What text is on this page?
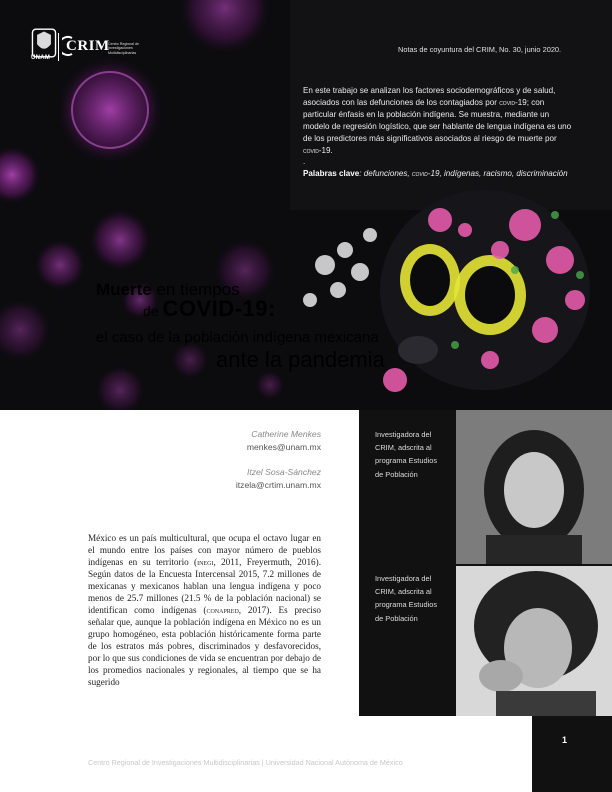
UNAM
CRIM
Centro Regional de Investigaciones Multidisciplinarias	Notas de coyuntura del CRIM, No. 30, junio 2020.
En este trabajo se analizan los factores sociodemográficos y de salud, asociados con las defunciones de los contagiados por covid-19; con particular énfasis en la población indígena. Se muestra, mediante un modelo de regresión logístico, que ser hablante de lengua indígena es uno de los predictores más significativos asociados al riesgo de muerte por covid-19.
.
Palabras clave: defunciones, covid-19, indígenas, racismo, discriminación
Muerte en tiempos
de COVID-19:
el caso de la población indígena mexicana
ante la pandemia
Catherine Menkes
menkes@unam.mx
Itzel Sosa-Sánchez
itzela@crtim.unam.mx
México es un país multicultural, que ocupa el octavo lugar en el mundo entre los países con mayor número de pueblos indígenas en su territorio (inegi, 2011, Freyermuth, 2016). Según datos de la Encuesta Intercensal 2015, 7.2 millones de mexicanas y mexicanos hablan una lengua indígena y poco menos de 25.7 millones (21.5 % de la población nacional) se identifican como indígenas (conapred, 2017). Es preciso señalar que, aunque la población indígena en México no es un grupo homogéneo, esta población históricamente forma parte de los estratos más pobres, discriminados y desfavorecidos, por lo que sus condiciones de vida se encuentran por debajo de los promedios nacionales y regionales, al tiempo que se ha sugerido
Investigadora del CRIM, adscrita al programa Estudios de Población
Investigadora del CRIM, adscrita al programa Estudios de Población
1
Centro Regional de Investigaciones Multidisciplinarias | Universidad Nacional Autónoma de México
